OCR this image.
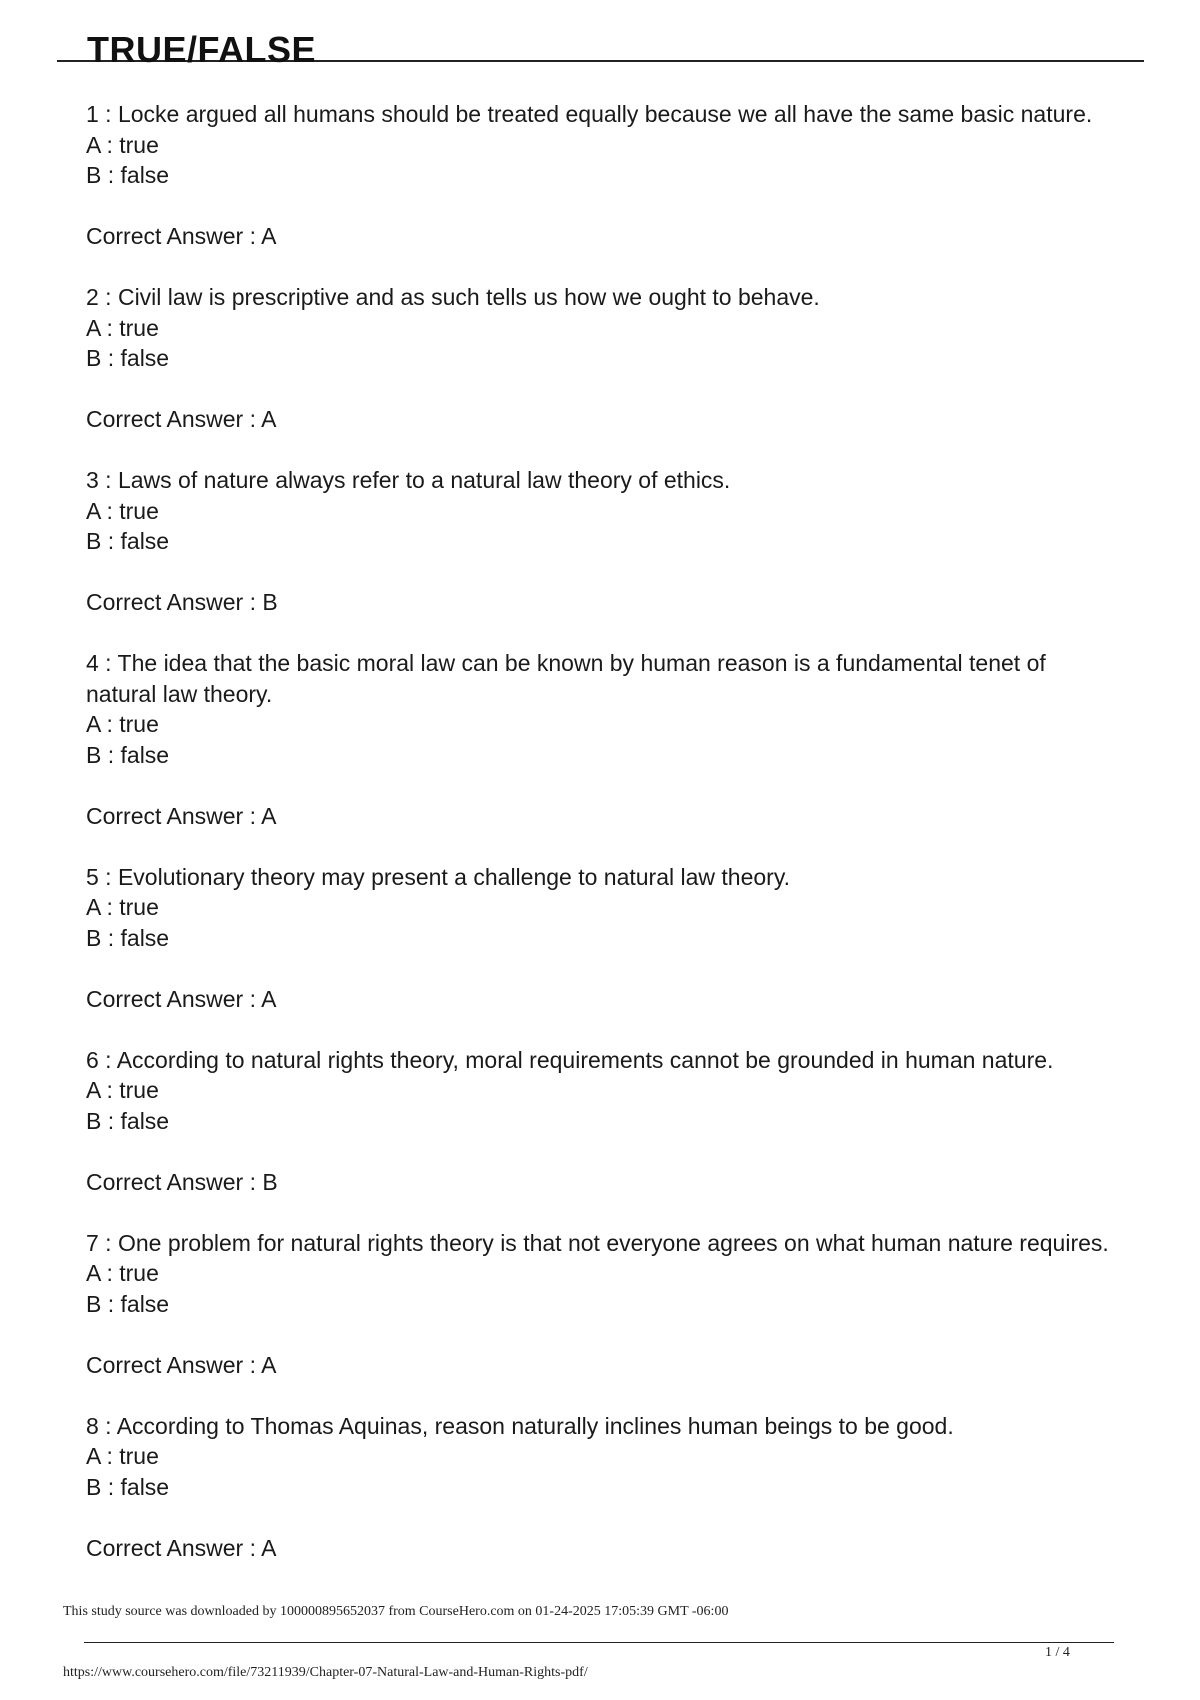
TRUE/FALSE
1 : Locke argued all humans should be treated equally because we all have the same basic nature.
A : true
B : false
Correct Answer : A
2 : Civil law is prescriptive and as such tells us how we ought to behave.
A : true
B : false
Correct Answer : A
3 : Laws of nature always refer to a natural law theory of ethics.
A : true
B : false
Correct Answer : B
4 : The idea that the basic moral law can be known by human reason is a fundamental tenet of natural law theory.
A : true
B : false
Correct Answer : A
5 : Evolutionary theory may present a challenge to natural law theory.
A : true
B : false
Correct Answer : A
6 : According to natural rights theory, moral requirements cannot be grounded in human nature.
A : true
B : false
Correct Answer : B
7 : One problem for natural rights theory is that not everyone agrees on what human nature requires.
A : true
B : false
Correct Answer : A
8 : According to Thomas Aquinas, reason naturally inclines human beings to be good.
A : true
B : false
Correct Answer : A
This study source was downloaded by 100000895652037 from CourseHero.com on 01-24-2025 17:05:39 GMT -06:00
1 / 4
https://www.coursehero.com/file/73211939/Chapter-07-Natural-Law-and-Human-Rights-pdf/
